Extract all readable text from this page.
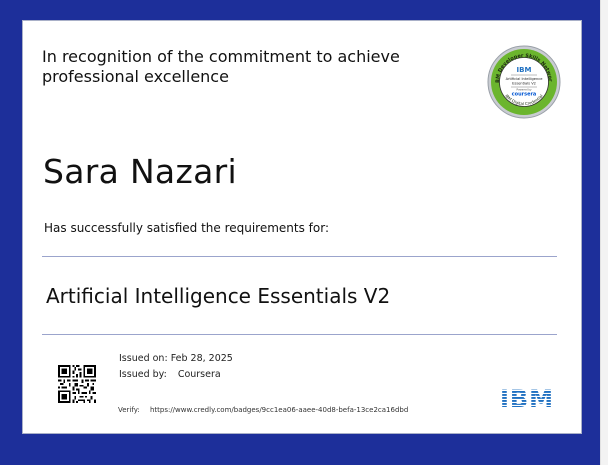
In recognition of the commitment to achieve professional excellence	BM Developer Skills Networ
IBM Digital Credential
IBM
Artificial Intelligence
Essentials V2
Powered by
coursera
Sara Nazari
Has successfully satisfied the requirements for:
Artificial Intelligence Essentials V2
Issued on: Feb 28, 2025
Issued by: Coursera
Verify: https://www.credly.com/badges/9cc1ea06-aaee-40d8-befa-13ce2ca16dbd
